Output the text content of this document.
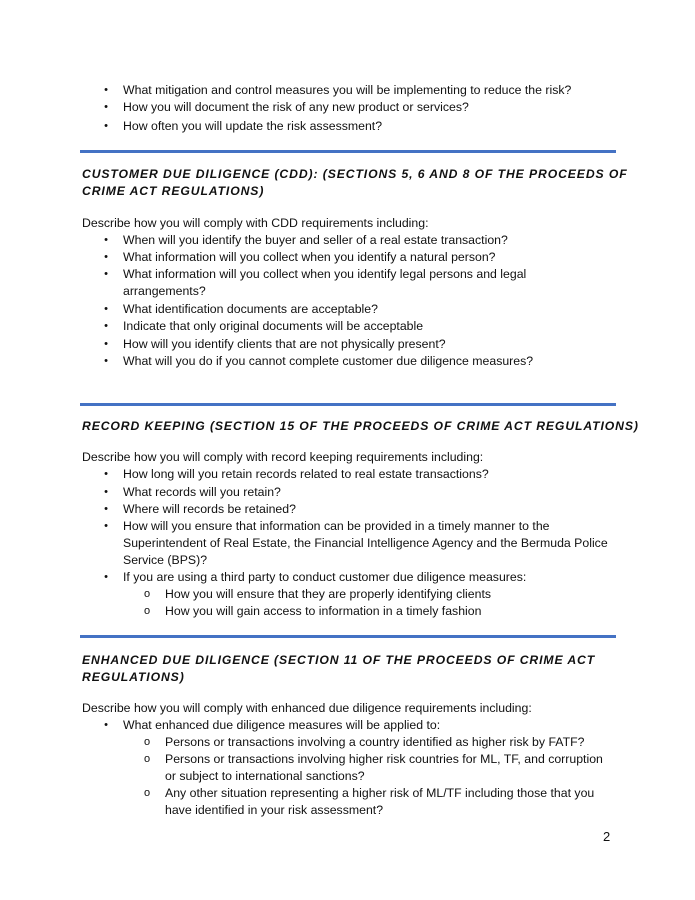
• What mitigation and control measures you will be implementing to reduce the risk?
• How you will document the risk of any new product or services?
• How often you will update the risk assessment?
CUSTOMER DUE DILIGENCE (CDD): (SECTIONS 5, 6 AND 8 OF THE PROCEEDS OF
CRIME ACT REGULATIONS)
Describe how you will comply with CDD requirements including:
• When will you identify the buyer and seller of a real estate transaction?
• What information will you collect when you identify a natural person?
• What information will you collect when you identify legal persons and legal
arrangements?
• What identification documents are acceptable?
• Indicate that only original documents will be acceptable
• How will you identify clients that are not physically present?
• What will you do if you cannot complete customer due diligence measures?
RECORD KEEPING (SECTION 15 OF THE PROCEEDS OF CRIME ACT REGULATIONS)
Describe how you will comply with record keeping requirements including:
• How long will you retain records related to real estate transactions?
• What records will you retain?
• Where will records be retained?
• How will you ensure that information can be provided in a timely manner to the
Superintendent of Real Estate, the Financial Intelligence Agency and the Bermuda Police
Service (BPS)?
• If you are using a third party to conduct customer due diligence measures:
o How you will ensure that they are properly identifying clients
o How you will gain access to information in a timely fashion
ENHANCED DUE DILIGENCE (SECTION 11 OF THE PROCEEDS OF CRIME ACT
REGULATIONS)
Describe how you will comply with enhanced due diligence requirements including:
• What enhanced due diligence measures will be applied to:
o Persons or transactions involving a country identified as higher risk by FATF?
o Persons or transactions involving higher risk countries for ML, TF, and corruption
or subject to international sanctions?
o Any other situation representing a higher risk of ML/TF including those that you
have identified in your risk assessment?
2
